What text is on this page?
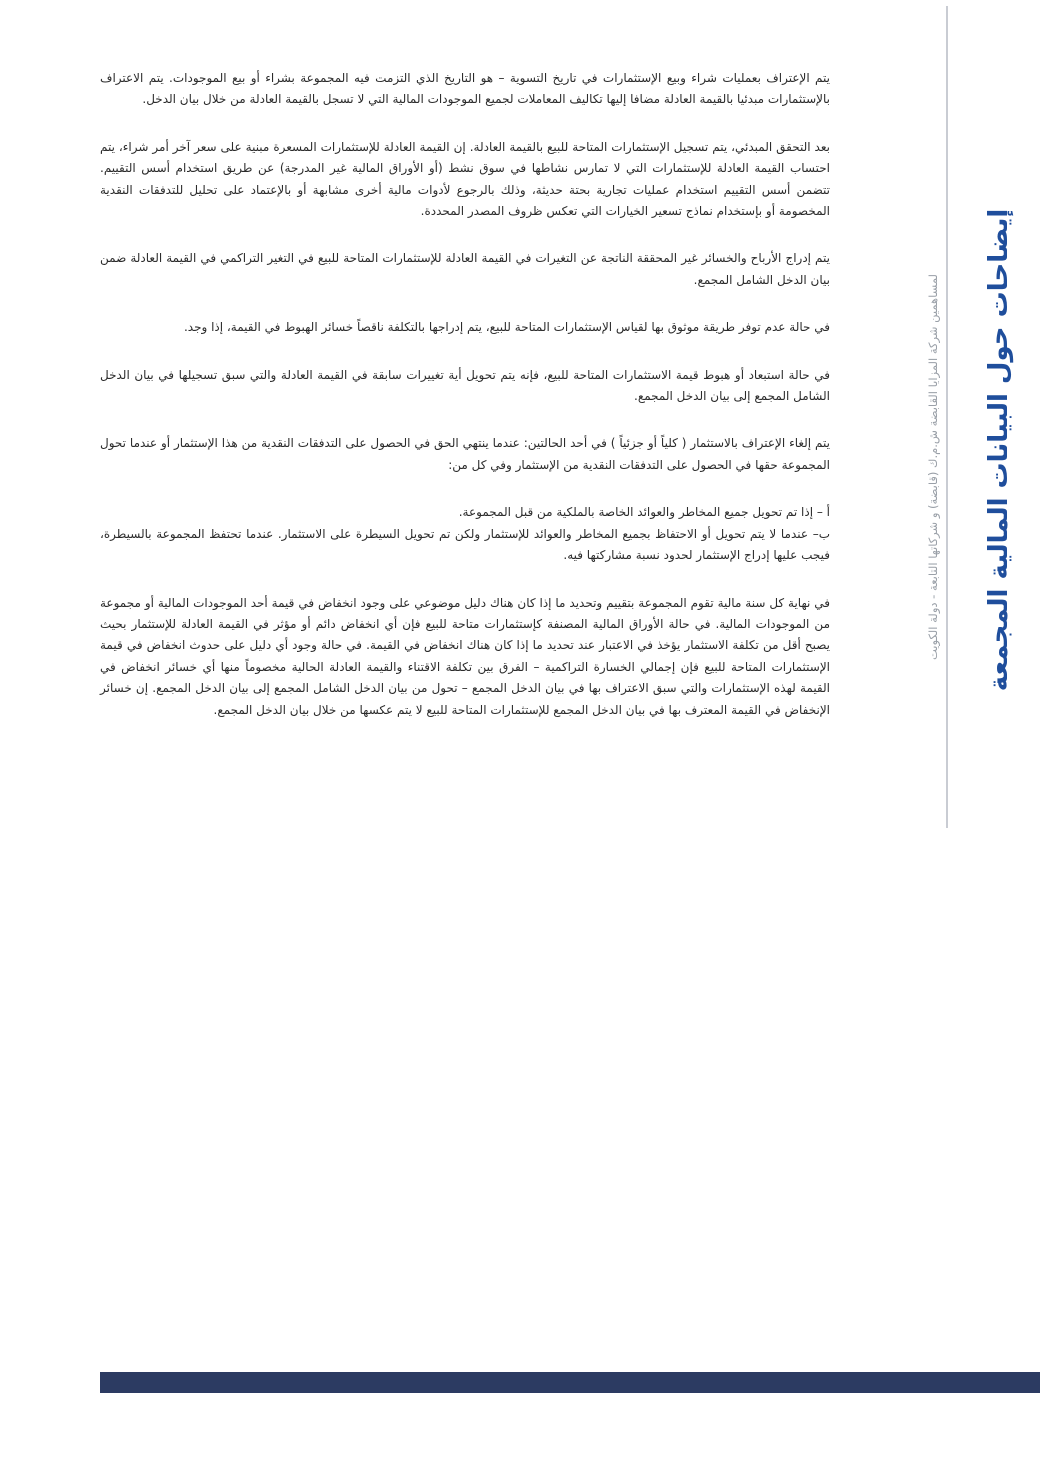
إيضاحات حول البيانات المالية المجمعة
لمساهمين شركة المزايا القابضة ش.م.ك (قابضة) و شركاتها التابعة - دولة الكويت

يتم الإعتراف بعمليات شراء وبيع الإستثمارات في تاريخ التسوية – هو التاريخ الذي التزمت فيه المجموعة بشراء أو بيع الموجودات. يتم الاعتراف بالإستثمارات مبدئيا بالقيمة العادلة مضافا إليها تكاليف المعاملات لجميع الموجودات المالية التي لا تسجل بالقيمة العادلة من خلال بيان الدخل.

بعد التحقق المبدئي، يتم تسجيل الإستثمارات المتاحة للبيع بالقيمة العادلة. إن القيمة العادلة للإستثمارات المسعرة مبنية على سعر آخر أمر شراء، يتم احتساب القيمة العادلة للإستثمارات التي لا تمارس نشاطها في سوق نشط (أو الأوراق المالية غير المدرجة) عن طريق استخدام أسس التقييم. تتضمن أسس التقييم استخدام عمليات تجارية بحتة حديثة، وذلك بالرجوع لأدوات مالية أخرى مشابهة أو بالإعتماد على تحليل للتدفقات النقدية المخصومة أو بإستخدام نماذج تسعير الخيارات التي تعكس ظروف المصدر المحددة.

يتم إدراج الأرباح والخسائر غير المحققة الناتجة عن التغيرات في القيمة العادلة للإستثمارات المتاحة للبيع في التغير التراكمي في القيمة العادلة ضمن بيان الدخل الشامل المجمع.

في حالة عدم توفر طريقة موثوق بها لقياس الإستثمارات المتاحة للبيع، يتم إدراجها بالتكلفة ناقصاً خسائر الهبوط في القيمة، إذا وجد.

في حالة استبعاد أو هبوط قيمة الاستثمارات المتاحة للبيع، فإنه يتم تحويل أية تغييرات سابقة في القيمة العادلة والتي سبق تسجيلها في بيان الدخل الشامل المجمع إلى بيان الدخل المجمع.

يتم إلغاء الإعتراف بالاستثمار ( كلياً أو جزئياً ) في أحد الحالتين: عندما ينتهي الحق في الحصول على التدفقات النقدية من هذا الإستثمار أو عندما تحول المجموعة حقها في الحصول على التدفقات النقدية من الإستثمار وفي كل من:

أ – إذا تم تحويل جميع المخاطر والعوائد الخاصة بالملكية من قبل المجموعة.

ب– عندما لا يتم تحويل أو الاحتفاظ بجميع المخاطر والعوائد للإستثمار ولكن تم تحويل السيطرة على الاستثمار. عندما تحتفظ المجموعة بالسيطرة، فيجب عليها إدراج الإستثمار لحدود نسبة مشاركتها فيه.

في نهاية كل سنة مالية تقوم المجموعة بتقييم وتحديد ما إذا كان هناك دليل موضوعي على وجود انخفاض في قيمة أحد الموجودات المالية أو مجموعة من الموجودات المالية. في حالة الأوراق المالية المصنفة كإستثمارات متاحة للبيع فإن أي انخفاض دائم أو مؤثر في القيمة العادلة للإستثمار بحيث يصبح أقل من تكلفة الاستثمار يؤخذ في الاعتبار عند تحديد ما إذا كان هناك انخفاض في القيمة. في حالة وجود أي دليل على حدوث انخفاض في قيمة الإستثمارات المتاحة للبيع فإن إجمالي الخسارة التراكمية – الفرق بين تكلفة الاقتناء والقيمة العادلة الحالية مخصوماً منها أي خسائر انخفاض في القيمة لهذه الإستثمارات والتي سبق الاعتراف بها في بيان الدخل المجمع – تحول من بيان الدخل الشامل المجمع إلى بيان الدخل المجمع. إن خسائر الإنخفاض في القيمة المعترف بها في بيان الدخل المجمع للإستثمارات المتاحة للبيع لا يتم عكسها من خلال بيان الدخل المجمع.
